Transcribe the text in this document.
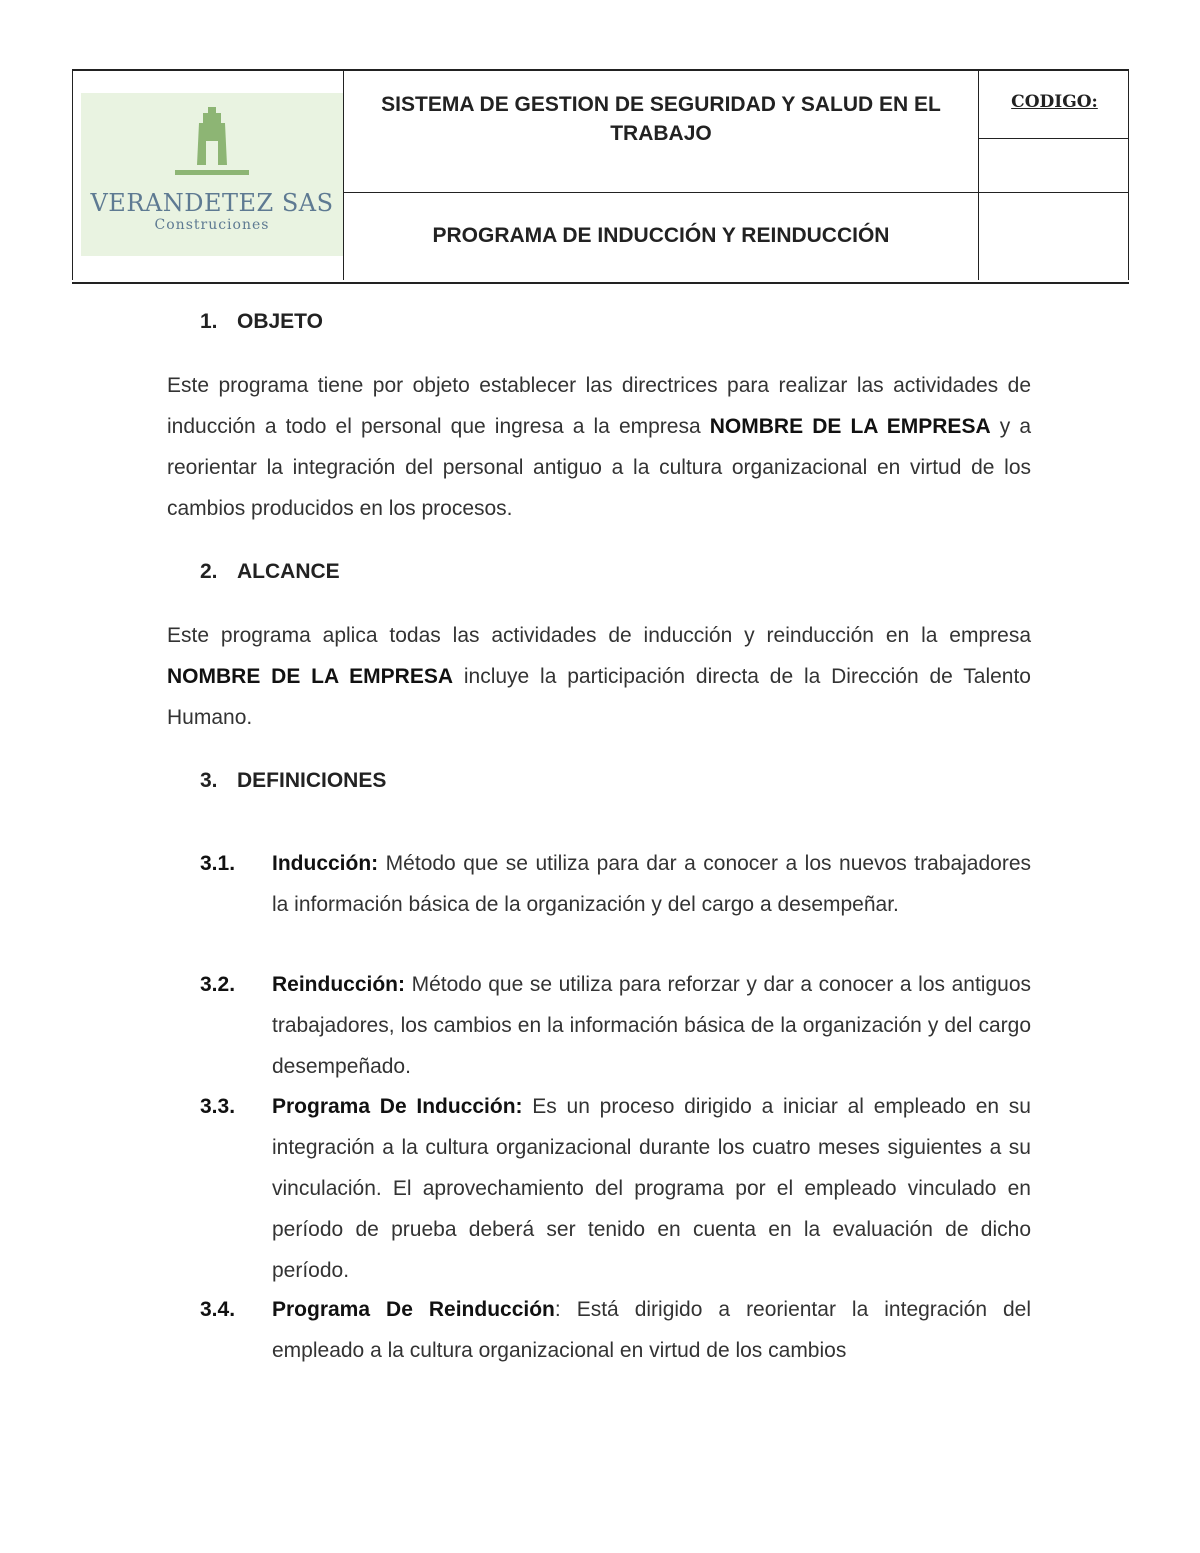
VERANDETEZ SAS
Construciones
SISTEMA DE GESTION DE SEGURIDAD Y SALUD EN EL TRABAJO
PROGRAMA DE INDUCCIÓN Y REINDUCCIÓN
CODIGO:
1. OBJETO
Este programa tiene por objeto establecer las directrices para realizar las actividades de inducción a todo el personal que ingresa a la empresa NOMBRE DE LA EMPRESA y a reorientar la integración del personal antiguo a la cultura organizacional en virtud de los cambios producidos en los procesos.
2. ALCANCE
Este programa aplica todas las actividades de inducción y reinducción en la empresa NOMBRE DE LA EMPRESA incluye la participación directa de la Dirección de Talento Humano.
3. DEFINICIONES
3.1. Inducción: Método que se utiliza para dar a conocer a los nuevos trabajadores la información básica de la organización y del cargo a desempeñar.
3.2. Reinducción: Método que se utiliza para reforzar y dar a conocer a los antiguos trabajadores, los cambios en la información básica de la organización y del cargo desempeñado.
3.3. Programa De Inducción: Es un proceso dirigido a iniciar al empleado en su integración a la cultura organizacional durante los cuatro meses siguientes a su vinculación. El aprovechamiento del programa por el empleado vinculado en período de prueba deberá ser tenido en cuenta en la evaluación de dicho período.
3.4. Programa De Reinducción: Está dirigido a reorientar la integración del empleado a la cultura organizacional en virtud de los cambios
